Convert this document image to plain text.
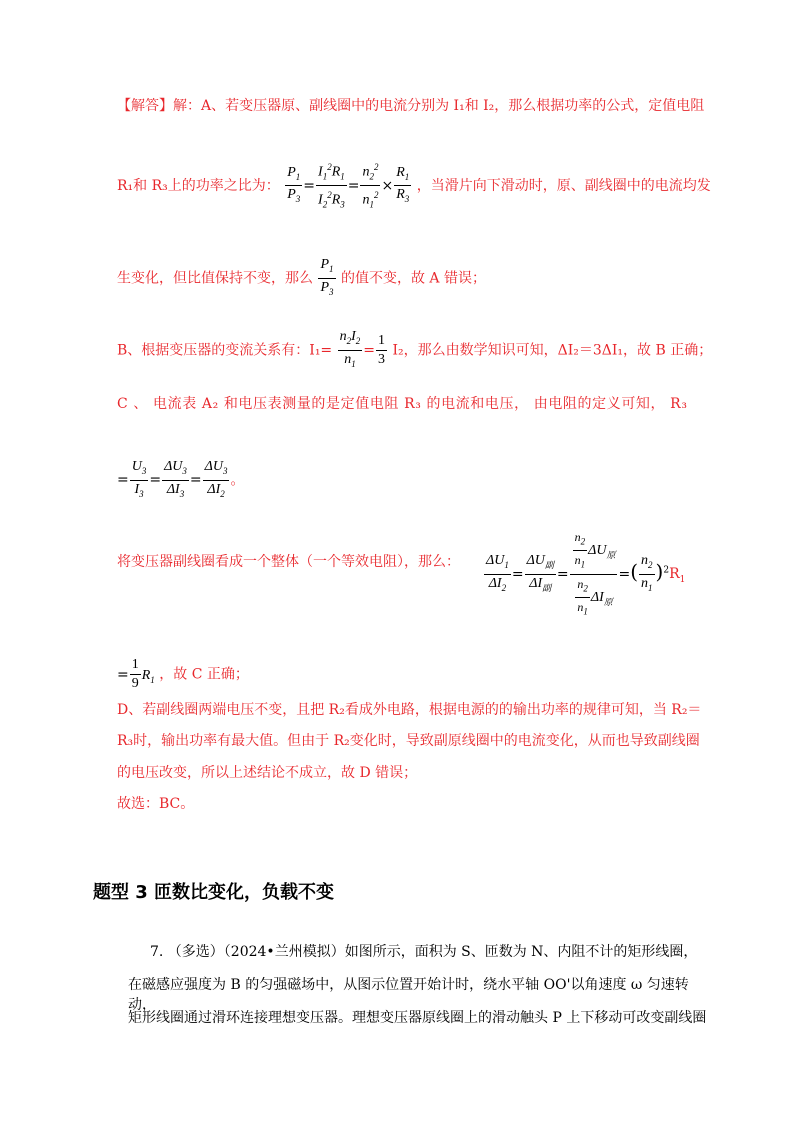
【解答】解：A、若变压器原、副线圈中的电流分别为 I₁和 I₂，那么根据功率的公式，定值电阻
R₁和 R₃上的功率之比为： $\frac{P_1}{P_3} = \frac{I_1^2R_1}{I_2^2R_3} = \frac{n_2^2}{n_1^2} \times \frac{R_1}{R_3}$ ，当滑片向下滑动时，原、副线圈中的电流均发
生变化，但比值保持不变，那么 $\frac{P_1}{P_3}$ 的值不变，故 A 错误；
B、根据变压器的变流关系有：$I_1= \frac{n_2I_2}{n_1} = \frac{1}{3} I_2$，那么由数学知识可知，ΔI₂＝3ΔI₁，故 B 正确；
C 、 电流表 A₂ 和电压表测量的是定值电阻 R₃ 的电流和电压， 由电阻的定义可知， R₃
= $\frac{U_3}{I_3} = \frac{\Delta U_3}{\Delta I_3} = \frac{\Delta U_3}{\Delta I_2}$ 。
将变压器副线圈看成一个整体（一个等效电阻），那么： $\frac{\Delta U_1}{\Delta I_2} = \frac{\Delta U_副}{\Delta I_副} = \frac{\frac{n_2}{n_1} \Delta U_原}{\frac{n_2}{n_1} \Delta I_原}$ =( $\frac{n_2}{n_1} )^2R_1$
= $\frac{1}{9} R_1$ ，故 C 正确；
D、若副线圈两端电压不变，且把 R₂看成外电路，根据电源的的输出功率的规律可知，当 R₂＝
R₃时，输出功率有最大值。但由于 R₂变化时，导致副原线圈中的电流变化，从而也导致副线圈
的电压改变，所以上述结论不成立，故 D 错误；
故选：BC。
题型 3 匝数比变化，负载不变
7. （多选）（2024•兰州模拟）如图所示，面积为 S、匝数为 N、内阻不计的矩形线圈，
在磁感应强度为 B 的匀强磁场中，从图示位置开始计时，绕水平轴 OO'以角速度 ω 匀速转动，
矩形线圈通过滑环连接理想变压器。理想变压器原线圈上的滑动触头 P 上下移动可改变副线圈
